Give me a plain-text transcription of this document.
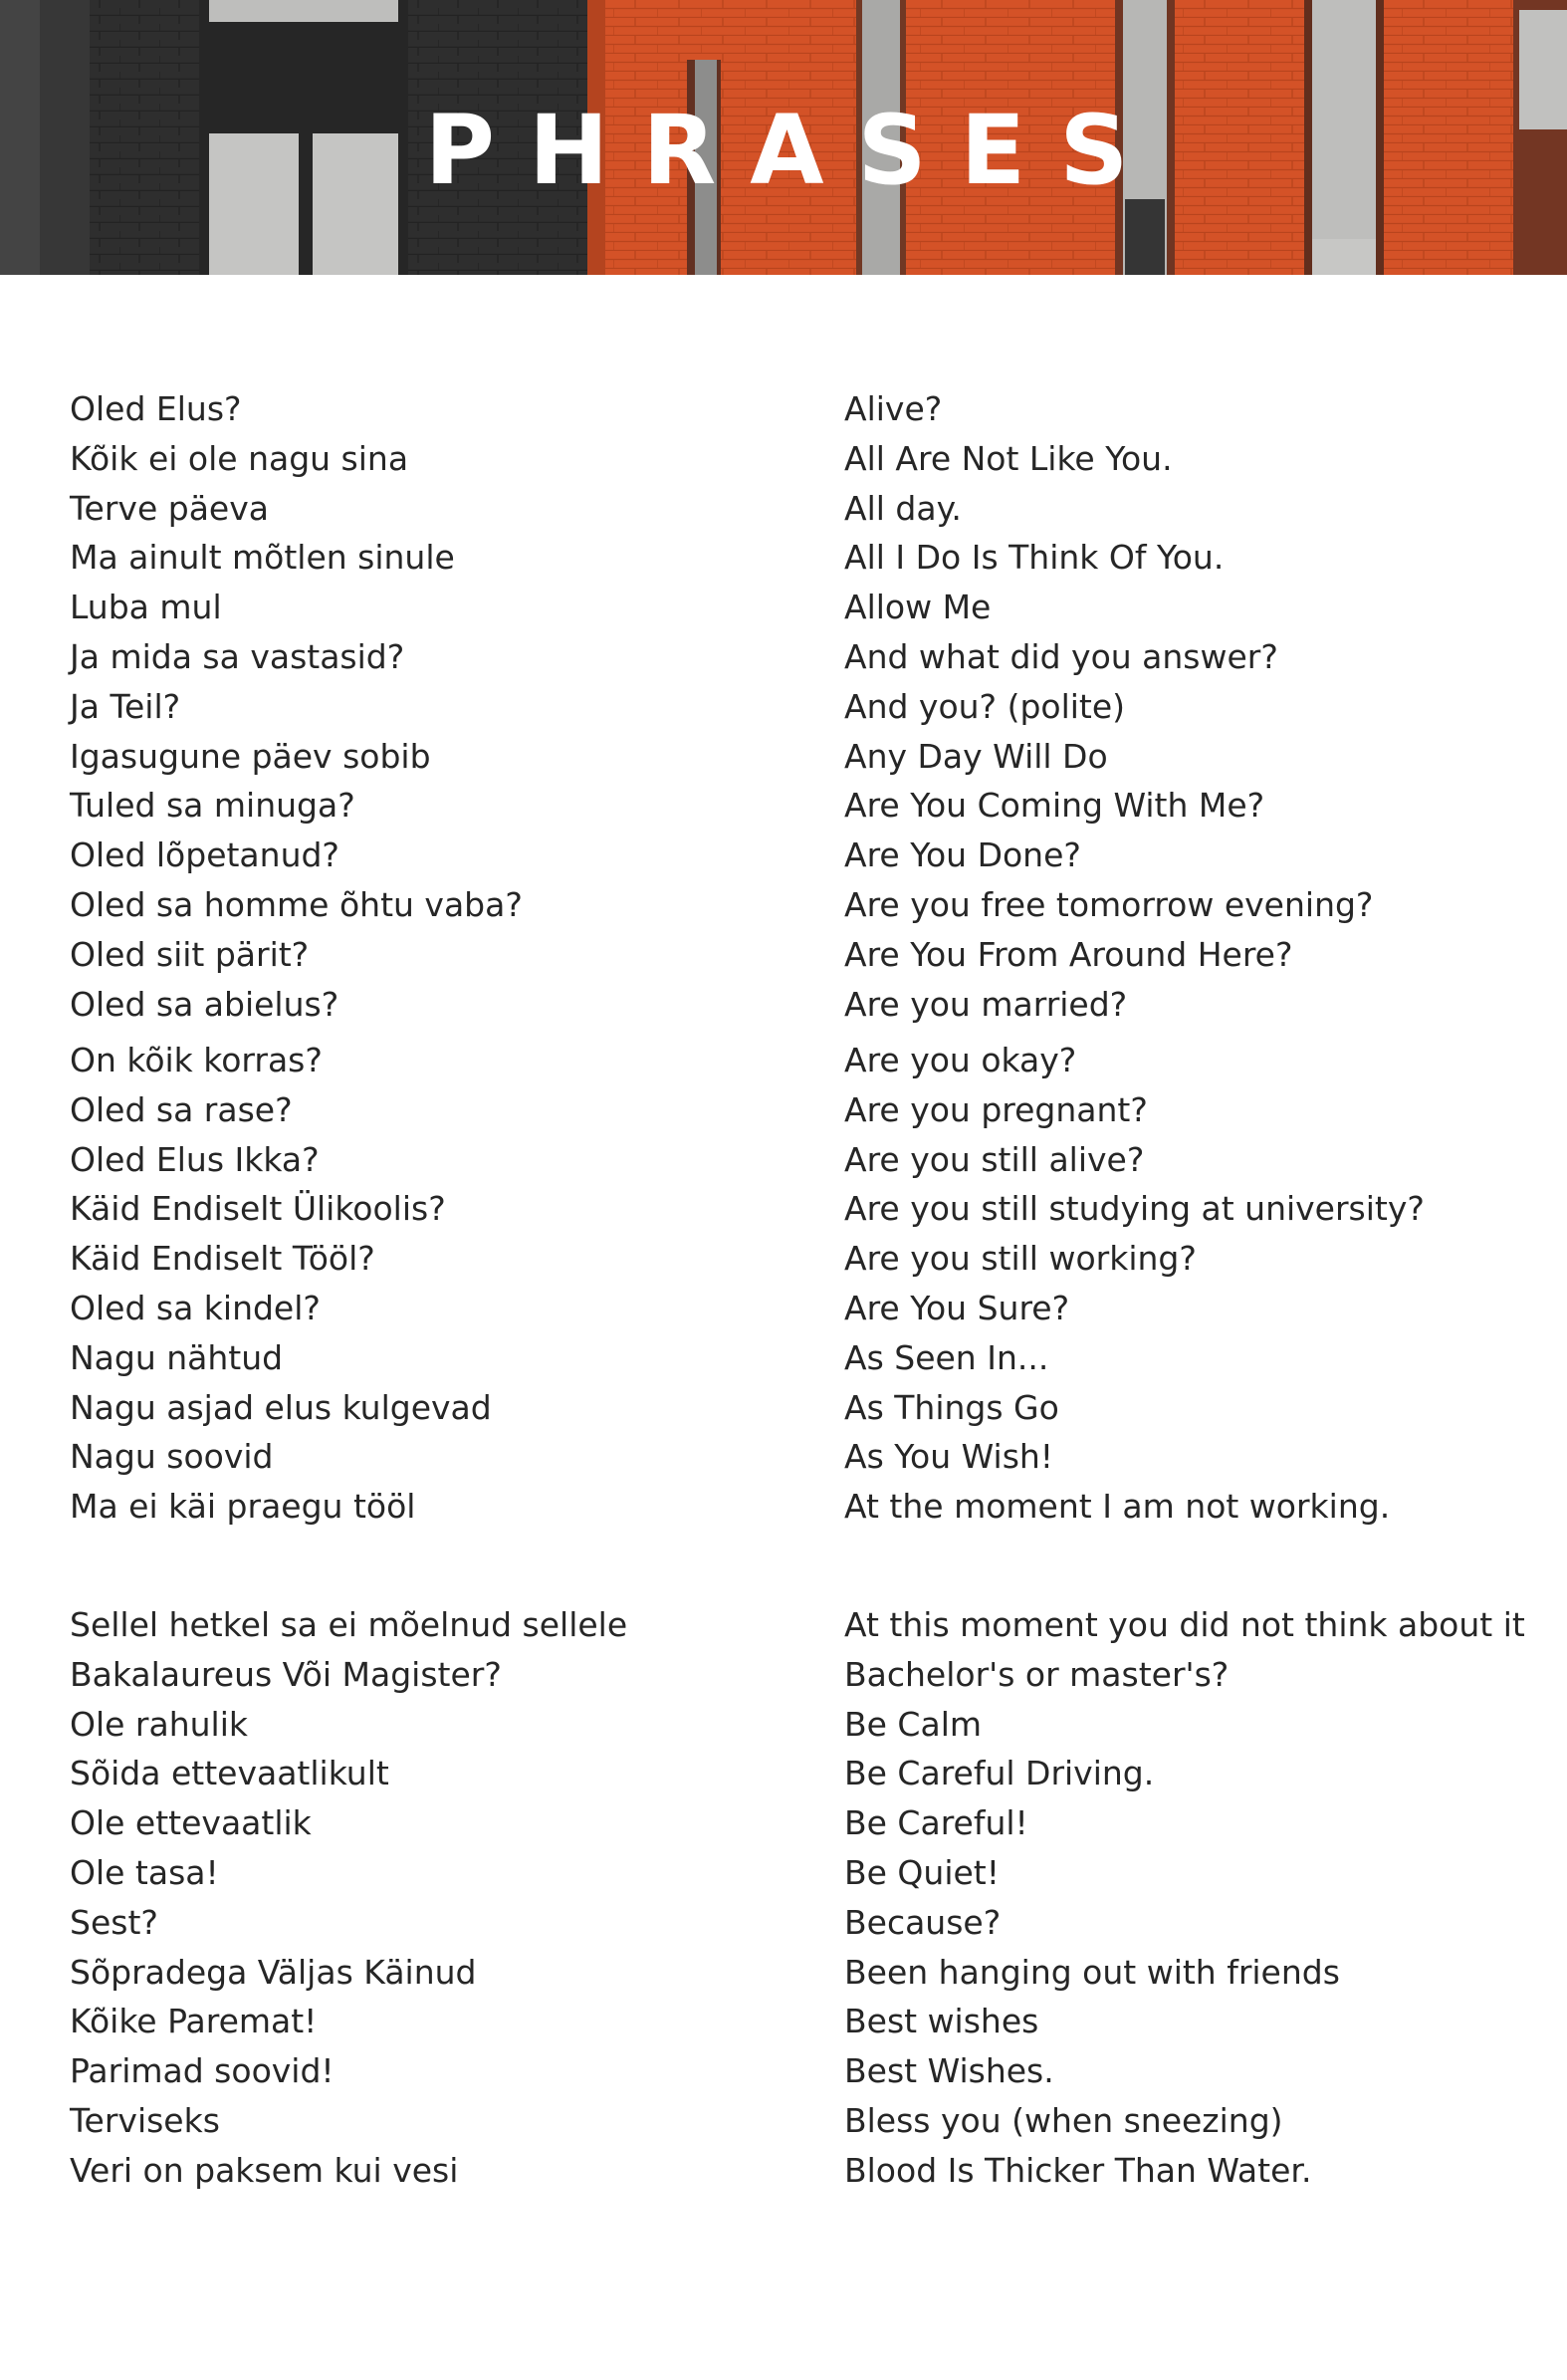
PHRASES
Oled Elus?	Alive?
Kõik ei ole nagu sina	All Are Not Like You.
Terve päeva	All day.
Ma ainult mõtlen sinule	All I Do Is Think Of You.
Luba mul	Allow Me
Ja mida sa vastasid?	And what did you answer?
Ja Teil?	And you? (polite)
Igasugune päev sobib	Any Day Will Do
Tuled sa minuga?	Are You Coming With Me?
Oled lõpetanud?	Are You Done?
Oled sa homme õhtu vaba?	Are you free tomorrow evening?
Oled siit pärit?	Are You From Around Here?
Oled sa abielus?	Are you married?
On kõik korras?	Are you okay?
Oled sa rase?	Are you pregnant?
Oled Elus Ikka?	Are you still alive?
Käid Endiselt Ülikoolis?	Are you still studying at university?
Käid Endiselt Tööl?	Are you still working?
Oled sa kindel?	Are You Sure?
Nagu nähtud	As Seen In...
Nagu asjad elus kulgevad	As Things Go
Nagu soovid	As You Wish!
Ma ei käi praegu tööl	At the moment I am not working.
Sellel hetkel sa ei mõelnud sellele	At this moment you did not think about it
Bakalaureus Või Magister?	Bachelor's or master's?
Ole rahulik	Be Calm
Sõida ettevaatlikult	Be Careful Driving.
Ole ettevaatlik	Be Careful!
Ole tasa!	Be Quiet!
Sest?	Because?
Sõpradega Väljas Käinud	Been hanging out with friends
Kõike Paremat!	Best wishes
Parimad soovid!	Best Wishes.
Terviseks	Bless you (when sneezing)
Veri on paksem kui vesi	Blood Is Thicker Than Water.
